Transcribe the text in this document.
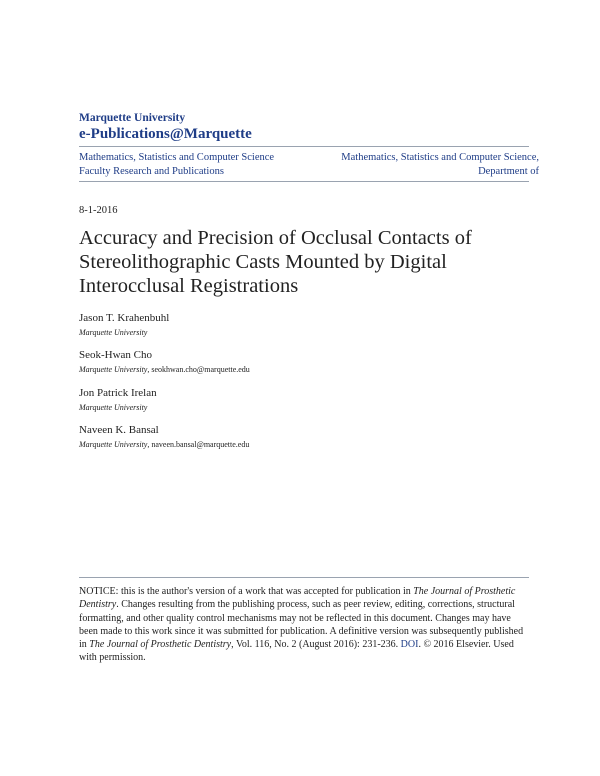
Marquette University
e-Publications@Marquette
Mathematics, Statistics and Computer Science
Faculty Research and Publications
Mathematics, Statistics and Computer Science,
Department of
8-1-2016
Accuracy and Precision of Occlusal Contacts of
Stereolithographic Casts Mounted by Digital
Interocclusal Registrations
Jason T. Krahenbuhl
Marquette University
Seok-Hwan Cho
Marquette University, seokhwan.cho@marquette.edu
Jon Patrick Irelan
Marquette University
Naveen K. Bansal
Marquette University, naveen.bansal@marquette.edu
NOTICE: this is the author's version of a work that was accepted for publication in The Journal of Prosthetic Dentistry. Changes resulting from the publishing process, such as peer review, editing, corrections, structural formatting, and other quality control mechanisms may not be reflected in this document. Changes may have been made to this work since it was submitted for publication. A definitive version was subsequently published in The Journal of Prosthetic Dentistry, Vol. 116, No. 2 (August 2016): 231-236. DOI. © 2016 Elsevier. Used with permission.
